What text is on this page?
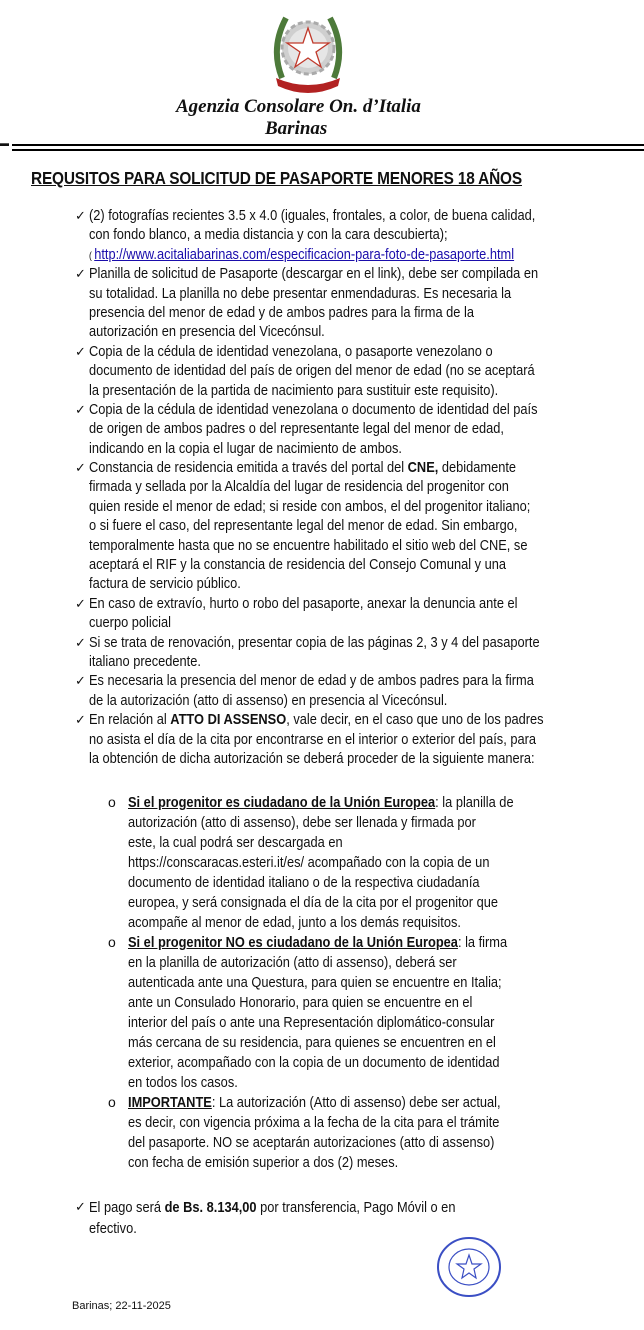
Agenzia Consolare On. d’Italia
Barinas
▬
REQUSITOS PARA SOLICITUD DE PASAPORTE MENORES 18 AÑOS
✓ (2) fotografías recientes 3.5 x 4.0 (iguales, frontales, a color, de buena calidad,
con fondo blanco, a media distancia y con la cara descubierta);
( http://www.acitaliabarinas.com/especificacion-para-foto-de-pasaporte.html
✓ Planilla de solicitud de Pasaporte (descargar en el link), debe ser compilada en
su totalidad. La planilla no debe presentar enmendaduras. Es necesaria la
presencia del menor de edad y de ambos padres para la firma de la
autorización en presencia del Vicecónsul.
✓ Copia de la cédula de identidad venezolana, o pasaporte venezolano o
documento de identidad del país de origen del menor de edad (no se aceptará
la presentación de la partida de nacimiento para sustituir este requisito).
✓ Copia de la cédula de identidad venezolana o documento de identidad del país
de origen de ambos padres o del representante legal del menor de edad,
indicando en la copia el lugar de nacimiento de ambos.
✓ Constancia de residencia emitida a través del portal del CNE, debidamente
firmada y sellada por la Alcaldía del lugar de residencia del progenitor con
quien reside el menor de edad; si reside con ambos, el del progenitor italiano;
o si fuere el caso, del representante legal del menor de edad. Sin embargo,
temporalmente hasta que no se encuentre habilitado el sitio web del CNE, se
aceptará el RIF y la constancia de residencia del Consejo Comunal y una
factura de servicio público.
✓ En caso de extravío, hurto o robo del pasaporte, anexar la denuncia ante el
cuerpo policial
✓ Si se trata de renovación, presentar copia de las páginas 2, 3 y 4 del pasaporte
italiano precedente.
✓ Es necesaria la presencia del menor de edad y de ambos padres para la firma
de la autorización (atto di assenso) en presencia al Vicecónsul.
✓ En relación al ATTO DI ASSENSO, vale decir, en el caso que uno de los padres
no asista el día de la cita por encontrarse en el interior o exterior del país, para
la obtención de dicha autorización se deberá proceder de la siguiente manera:
o Si el progenitor es ciudadano de la Unión Europea: la planilla de
autorización (atto di assenso), debe ser llenada y firmada por
este, la cual podrá ser descargada en
https://conscaracas.esteri.it/es/ acompañado con la copia de un
documento de identidad italiano o de la respectiva ciudadanía
europea, y será consignada el día de la cita por el progenitor que
acompañe al menor de edad, junto a los demás requisitos.
o Si el progenitor NO es ciudadano de la Unión Europea: la firma
en la planilla de autorización (atto di assenso), deberá ser
autenticada ante una Questura, para quien se encuentre en Italia;
ante un Consulado Honorario, para quien se encuentre en el
interior del país o ante una Representación diplomático-consular
más cercana de su residencia, para quienes se encuentren en el
exterior, acompañado con la copia de un documento de identidad
en todos los casos.
o IMPORTANTE: La autorización (Atto di assenso) debe ser actual,
es decir, con vigencia próxima a la fecha de la cita para el trámite
del pasaporte. NO se aceptarán autorizaciones (atto di assenso)
con fecha de emisión superior a dos (2) meses.
✓ El pago será de Bs. 8.134,00 por transferencia, Pago Móvil o en
efectivo.
Barinas; 22-11-2025
